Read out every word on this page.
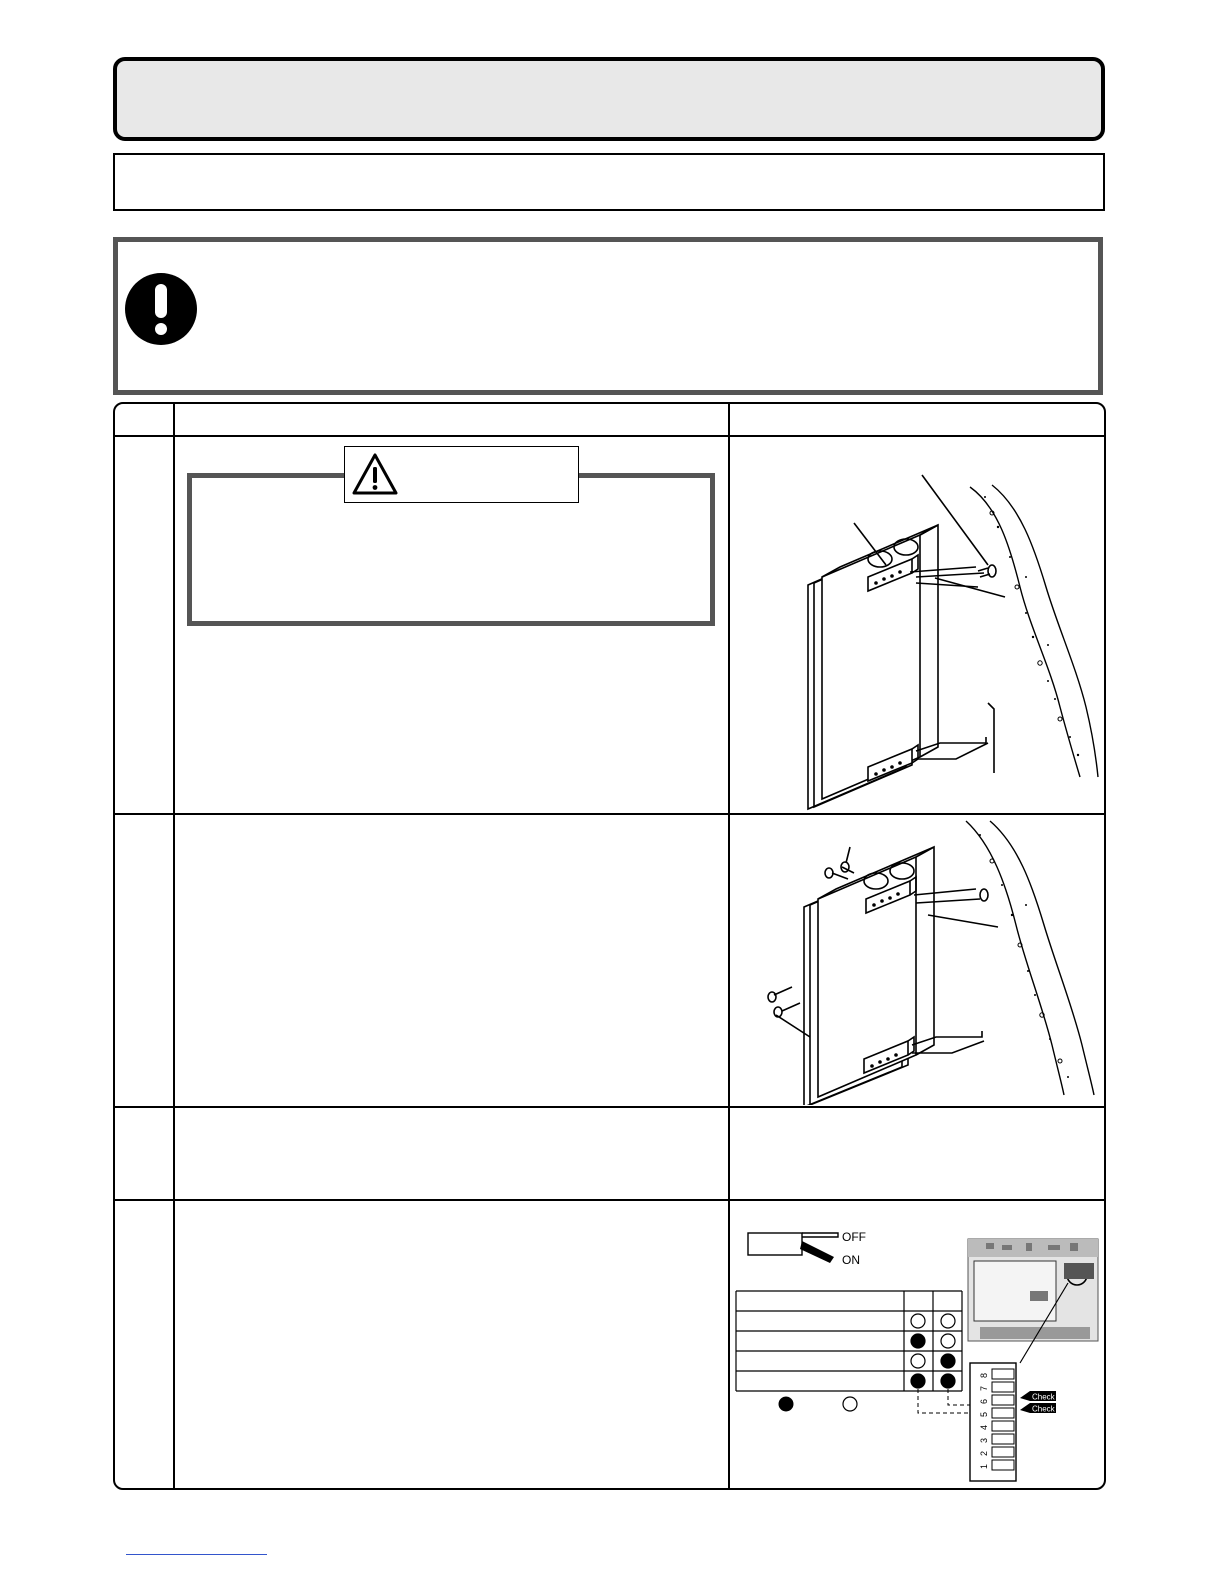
OFF
ON
8
7
6
5
4
3
2
1
Check
Check
